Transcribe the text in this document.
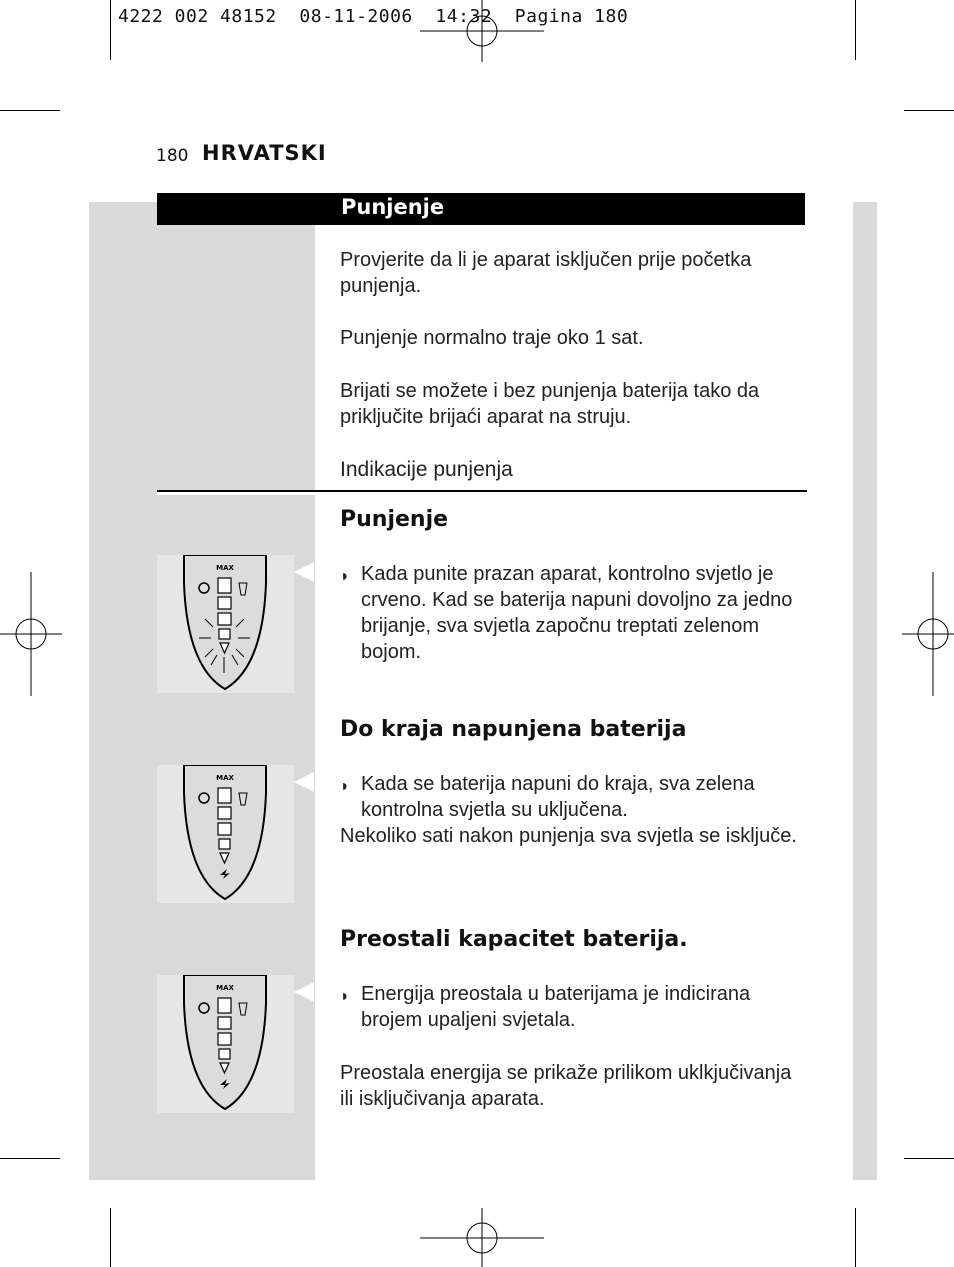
4222 002 48152  08-11-2006  14:32  Pagina 180
180 HRVATSKI
Punjenje
Provjerite da li je aparat isključen prije početka punjenja.
Punjenje normalno traje oko 1 sat.
Brijati se možete i bez punjenja baterija tako da priključite brijaći aparat na struju.
Indikacije punjenja
Punjenje
MAX	◗ Kada punite prazan aparat, kontrolno svjetlo je crveno. Kad se baterija napuni dovoljno za jedno brijanje, sva svjetla započnu treptati zelenom bojom.
Do kraja napunjena baterija
MAX	◗ Kada se baterija napuni do kraja, sva zelena kontrolna svjetla su uključena.
Nekoliko sati nakon punjenja sva svjetla se isključe.
Preostali kapacitet baterija.
MAX	◗ Energija preostala u baterijama je indicirana brojem upaljeni svjetala.
Preostala energija se prikaže prilikom uklkjučivanja ili isključivanja aparata.
